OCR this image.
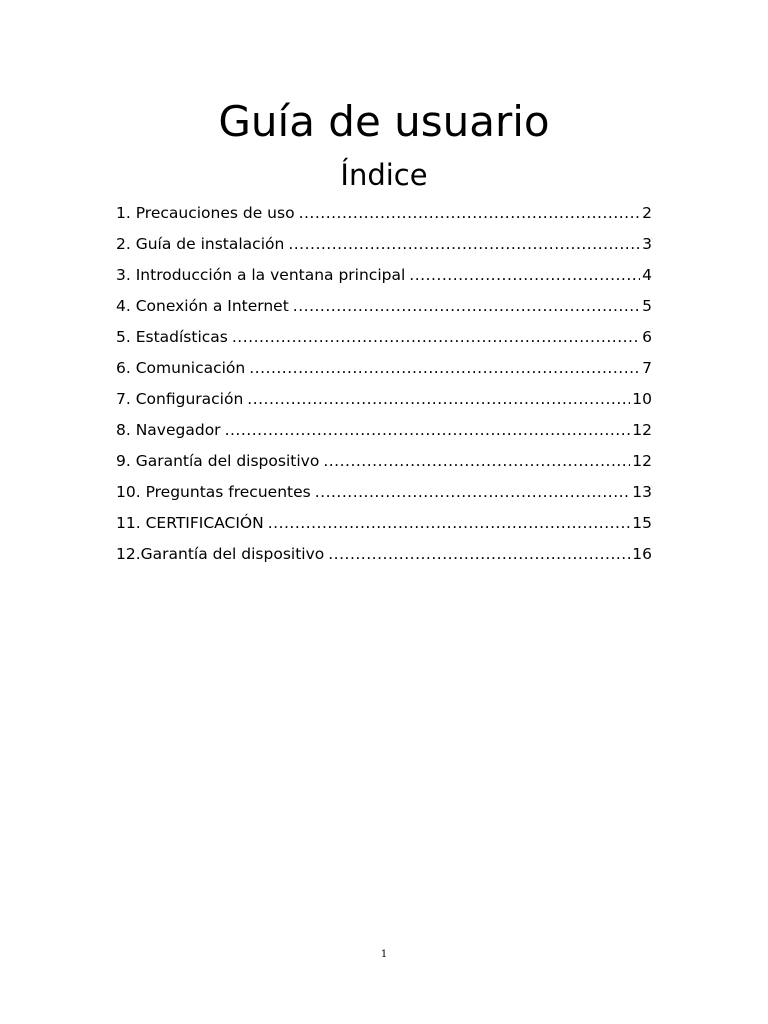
Guía de usuario
Índice
1. Precauciones de uso .....	2
2. Guía de instalación .....	3
3. Introducción a la ventana principal .....	4
4. Conexión a Internet .....	5
5. Estadísticas .....	6
6. Comunicación .....	7
7. Configuración .....	10
8. Navegador .....	12
9. Garantía del dispositivo .....	12
10. Preguntas frecuentes .....	13
11. CERTIFICACIÓN .....	15
12.Garantía del dispositivo .....	16
1
